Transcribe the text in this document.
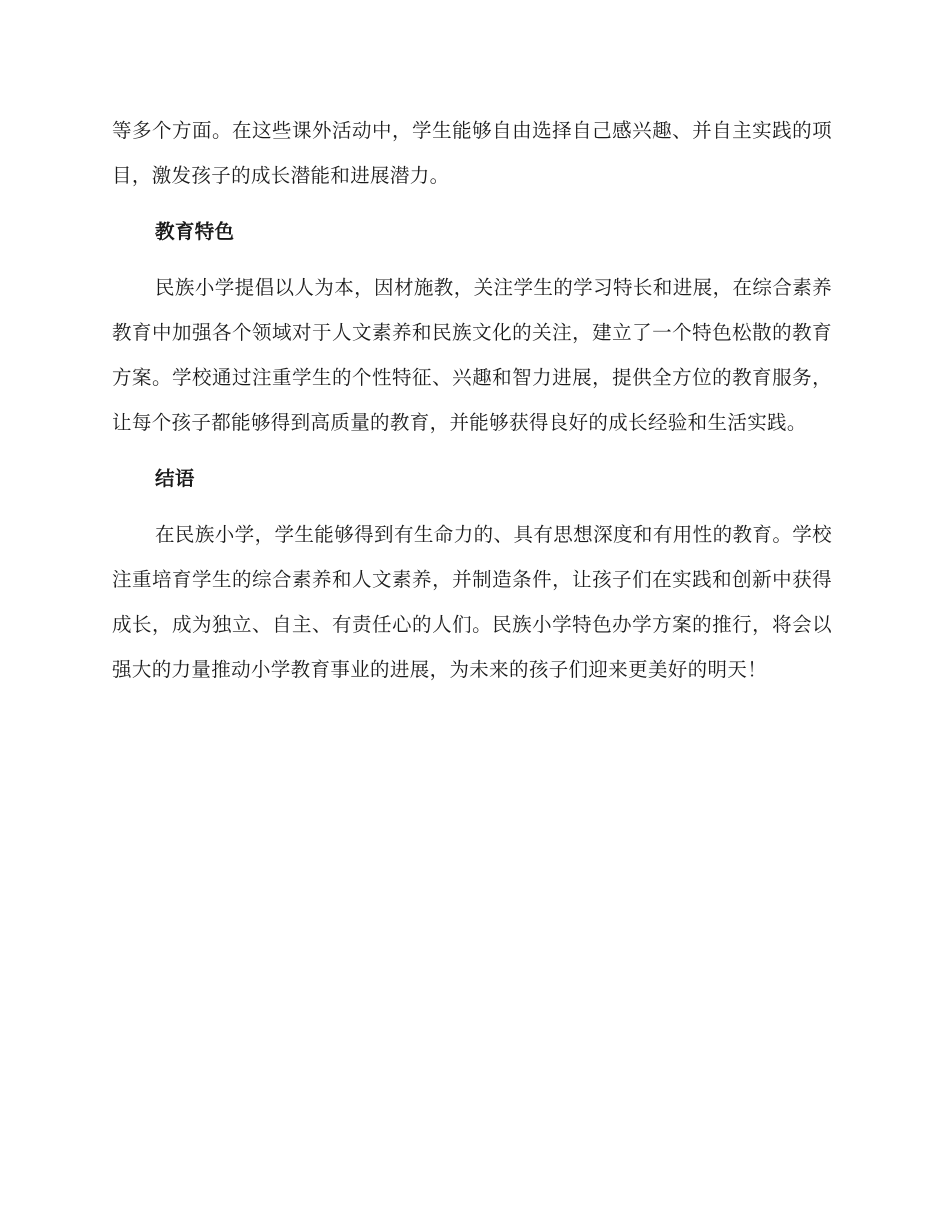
等多个方面。在这些课外活动中，学生能够自由选择自己感兴趣、并自主实践的项目，激发孩子的成长潜能和进展潜力。

教育特色

民族小学提倡以人为本，因材施教，关注学生的学习特长和进展，在综合素养教育中加强各个领域对于人文素养和民族文化的关注，建立了一个特色松散的教育方案。学校通过注重学生的个性特征、兴趣和智力进展，提供全方位的教育服务，让每个孩子都能够得到高质量的教育，并能够获得良好的成长经验和生活实践。

结语

在民族小学，学生能够得到有生命力的、具有思想深度和有用性的教育。学校注重培育学生的综合素养和人文素养，并制造条件，让孩子们在实践和创新中获得成长，成为独立、自主、有责任心的人们。民族小学特色办学方案的推行，将会以强大的力量推动小学教育事业的进展，为未来的孩子们迎来更美好的明天！
